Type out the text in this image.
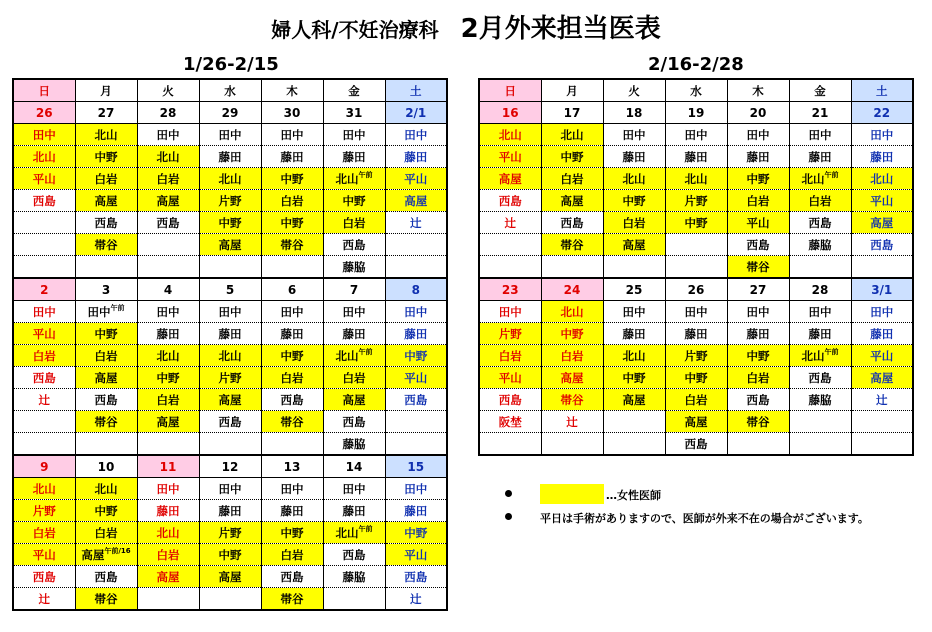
婦人科/不妊治療科 2月外来担当医表
1/26-2/15	2/16-2/28
日	月	火	水	木	金	土
26	27	28	29	30	31	2/1
田中	北山	田中	田中	田中	田中	田中
北山	中野	北山	藤田	藤田	藤田	藤田
平山	白岩	白岩	北山	中野	北山$^{午前}$	平山
西島	高屋	高屋	片野	白岩	中野	高屋
	西島	西島	中野	中野	白岩	辻
	帯谷		高屋	帯谷	西島	
					藤脇	
2	3	4	5	6	7	8
田中	田中$^{午前}$	田中	田中	田中	田中	田中
平山	中野	藤田	藤田	藤田	藤田	藤田
白岩	白岩	北山	北山	中野	北山$^{午前}$	中野
西島	高屋	中野	片野	白岩	白岩	平山
辻	西島	白岩	高屋	西島	高屋	西島
	帯谷	高屋	西島	帯谷	西島	
					藤脇	
9	10	11	12	13	14	15
北山	北山	田中	田中	田中	田中	田中
片野	中野	藤田	藤田	藤田	藤田	藤田
白岩	白岩	北山	片野	中野	北山$^{午前}$	中野
平山	高屋$^{午前/16}$	白岩	中野	白岩	西島	平山
西島	西島	高屋	高屋	西島	藤脇	西島
辻	帯谷			帯谷		辻
日	月	火	水	木	金	土
16	17	18	19	20	21	22
北山	北山	田中	田中	田中	田中	田中
平山	中野	藤田	藤田	藤田	藤田	藤田
高屋	白岩	北山	北山	中野	北山$^{午前}$	北山
西島	高屋	中野	片野	白岩	白岩	平山
辻	西島	白岩	中野	平山	西島	高屋
	帯谷	高屋		西島	藤脇	西島
				帯谷		
23	24	25	26	27	28	3/1
田中	北山	田中	田中	田中	田中	田中
片野	中野	藤田	藤田	藤田	藤田	藤田
白岩	白岩	北山	片野	中野	北山$^{午前}$	平山
平山	高屋	中野	中野	白岩	西島	高屋
西島	帯谷	高屋	白岩	西島	藤脇	辻
阪埜	辻		高屋	帯谷		
			西島			
…女性医師
平日は手術がありますので、医師が外来不在の場合がございます。
